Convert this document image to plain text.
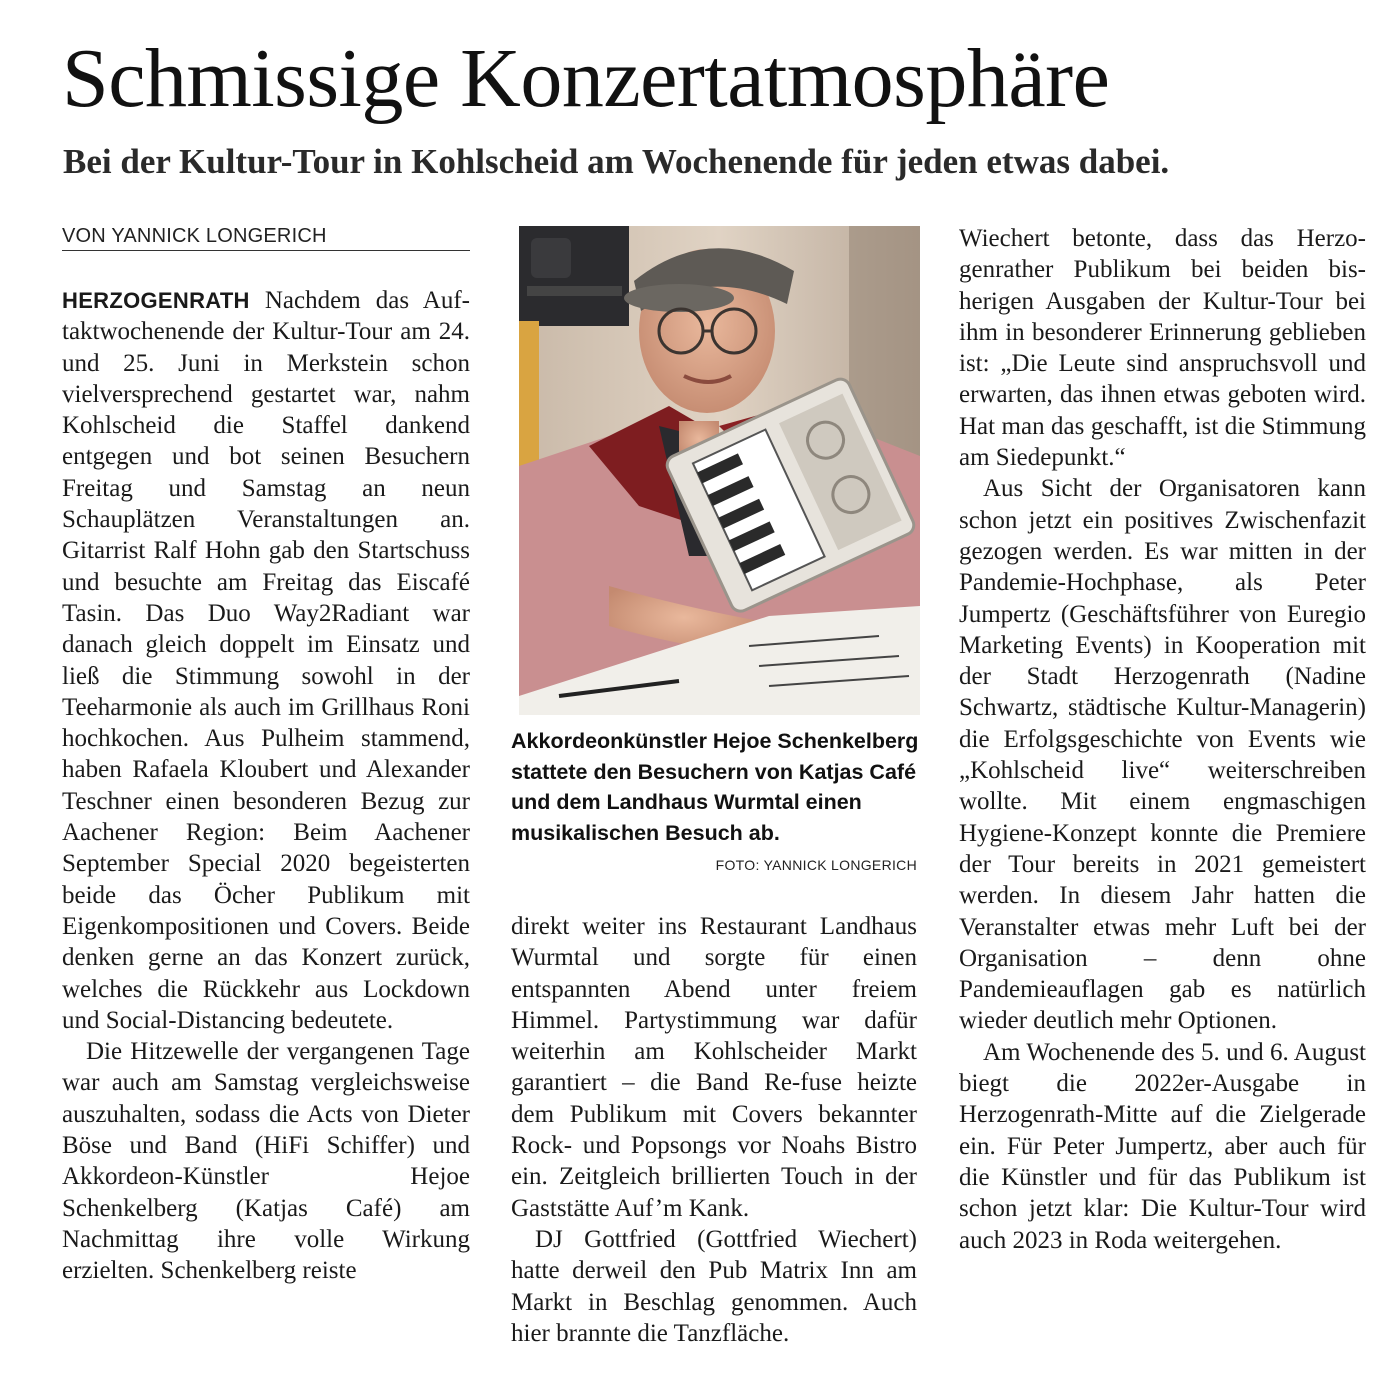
Schmissige Konzertatmosphäre
Bei der Kultur-Tour in Kohlscheid am Wochenende für jeden etwas dabei.
VON YANNICK LONGERICH

HERZOGENRATH Nachdem das Auftaktwochenende der Kultur-Tour am 24. und 25. Juni in Merkstein schon vielversprechend gestartet war, nahm Kohlscheid die Staffel dankend entgegen und bot seinen Besuchern Freitag und Samstag an neun Schauplätzen Veranstaltungen an. Gitarrist Ralf Hohn gab den Startschuss und besuchte am Freitag das Eiscafé Tasin. Das Duo Way2Radiant war danach gleich doppelt im Einsatz und ließ die Stimmung sowohl in der Teeharmonie als auch im Grillhaus Roni hochkochen. Aus Pulheim stammend, haben Rafaela Kloubert und Alexander Teschner einen besonderen Bezug zur Aachener Region: Beim Aachener September Special 2020 begeisterten beide das Öcher Publikum mit Eigenkompositionen und Covers. Beide denken gerne an das Konzert zurück, welches die Rückkehr aus Lockdown und Social-Distancing bedeutete.

Die Hitzewelle der vergangenen Tage war auch am Samstag vergleichsweise auszuhalten, sodass die Acts von Dieter Böse und Band (HiFi Schiffer) und Akkordeon-Künstler Hejoe Schenkelberg (Katjas Café) am Nachmittag ihre volle Wirkung erzielten. Schenkelberg reiste

Akkordeonkünstler Hejoe Schenkelberg stattete den Besuchern von Katjas Café und dem Landhaus Wurmtal einen musikalischen Besuch ab.
FOTO: YANNICK LONGERICH

direkt weiter ins Restaurant Landhaus Wurmtal und sorgte für einen entspannten Abend unter freiem Himmel. Partystimmung war dafür weiterhin am Kohlscheider Markt garantiert – die Band Re-fuse heizte dem Publikum mit Covers bekannter Rock- und Popsongs vor Noahs Bistro ein. Zeitgleich brillierten Touch in der Gaststätte Auf’m Kank.

DJ Gottfried (Gottfried Wiechert) hatte derweil den Pub Matrix Inn am Markt in Beschlag genommen. Auch hier brannte die Tanzfläche.

Wiechert betonte, dass das Herzogenrather Publikum bei beiden bisherigen Ausgaben der Kultur-Tour bei ihm in besonderer Erinnerung geblieben ist: „Die Leute sind anspruchsvoll und erwarten, das ihnen etwas geboten wird. Hat man das geschafft, ist die Stimmung am Siedepunkt.“

Aus Sicht der Organisatoren kann schon jetzt ein positives Zwischenfazit gezogen werden. Es war mitten in der Pandemie-Hochphase, als Peter Jumpertz (Geschäftsführer von Euregio Marketing Events) in Kooperation mit der Stadt Herzogenrath (Nadine Schwartz, städtische Kultur-Managerin) die Erfolgsgeschichte von Events wie „Kohlscheid live“ weiterschreiben wollte. Mit einem engmaschigen Hygiene-Konzept konnte die Premiere der Tour bereits in 2021 gemeistert werden. In diesem Jahr hatten die Veranstalter etwas mehr Luft bei der Organisation – denn ohne Pandemieauflagen gab es natürlich wieder deutlich mehr Optionen.

Am Wochenende des 5. und 6. August biegt die 2022er-Ausgabe in Herzogenrath-Mitte auf die Zielgerade ein. Für Peter Jumpertz, aber auch für die Künstler und für das Publikum ist schon jetzt klar: Die Kultur-Tour wird auch 2023 in Roda weitergehen.
